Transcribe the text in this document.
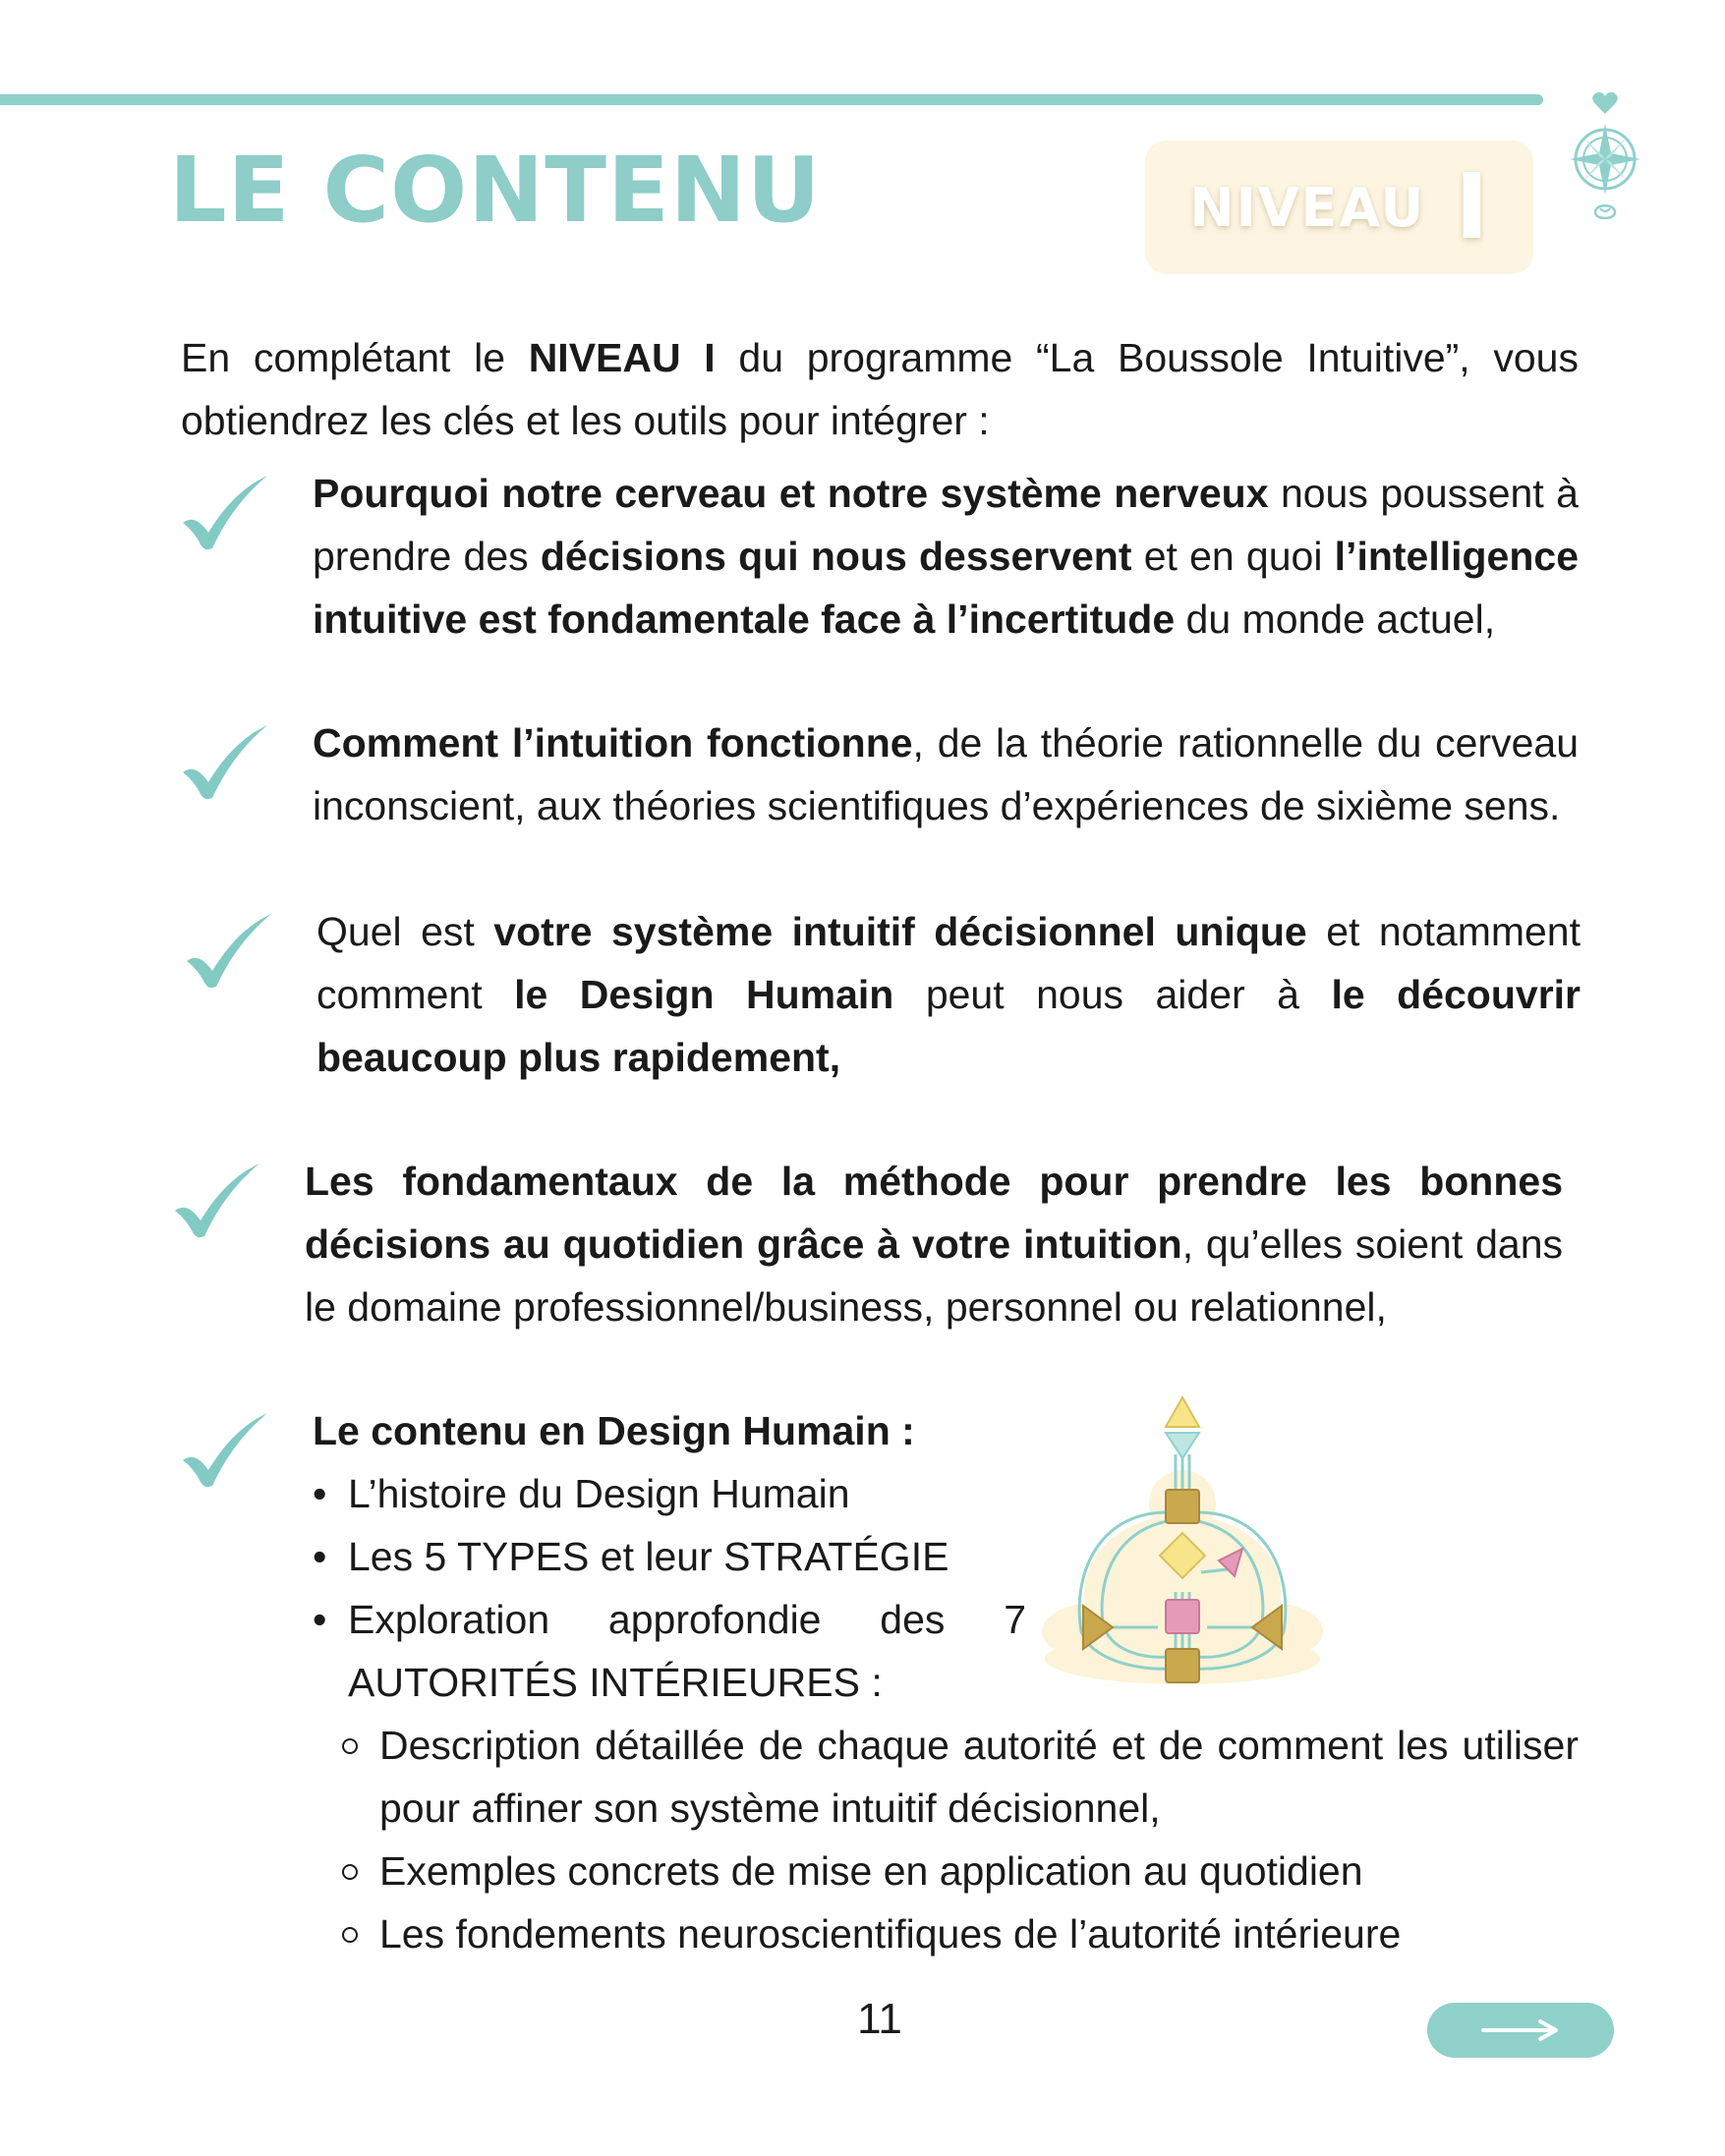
LE CONTENU	NIVEAU I

En complétant le NIVEAU I du programme “La Boussole Intuitive”, vous obtiendrez les clés et les outils pour intégrer :

Pourquoi notre cerveau et notre système nerveux nous poussent à prendre des décisions qui nous desservent et en quoi l’intelligence intuitive est fondamentale face à l’incertitude du monde actuel,

Comment l’intuition fonctionne, de la théorie rationnelle du cerveau inconscient, aux théories scientifiques d’expériences de sixième sens.

Quel est votre système intuitif décisionnel unique et notamment comment le Design Humain peut nous aider à le découvrir beaucoup plus rapidement,

Les fondamentaux de la méthode pour prendre les bonnes décisions au quotidien grâce à votre intuition, qu’elles soient dans le domaine professionnel/business, personnel ou relationnel,

Le contenu en Design Humain :

• L’histoire du Design Humain
• Les 5 TYPES et leur STRATÉGIE
• Exploration approfondie des 7 AUTORITÉS INTÉRIEURES :
Description détaillée de chaque autorité et de comment les utiliser pour affiner son système intuitif décisionnel,
Exemples concrets de mise en application au quotidien
Les fondements neuroscientifiques de l’autorité intérieure
11
